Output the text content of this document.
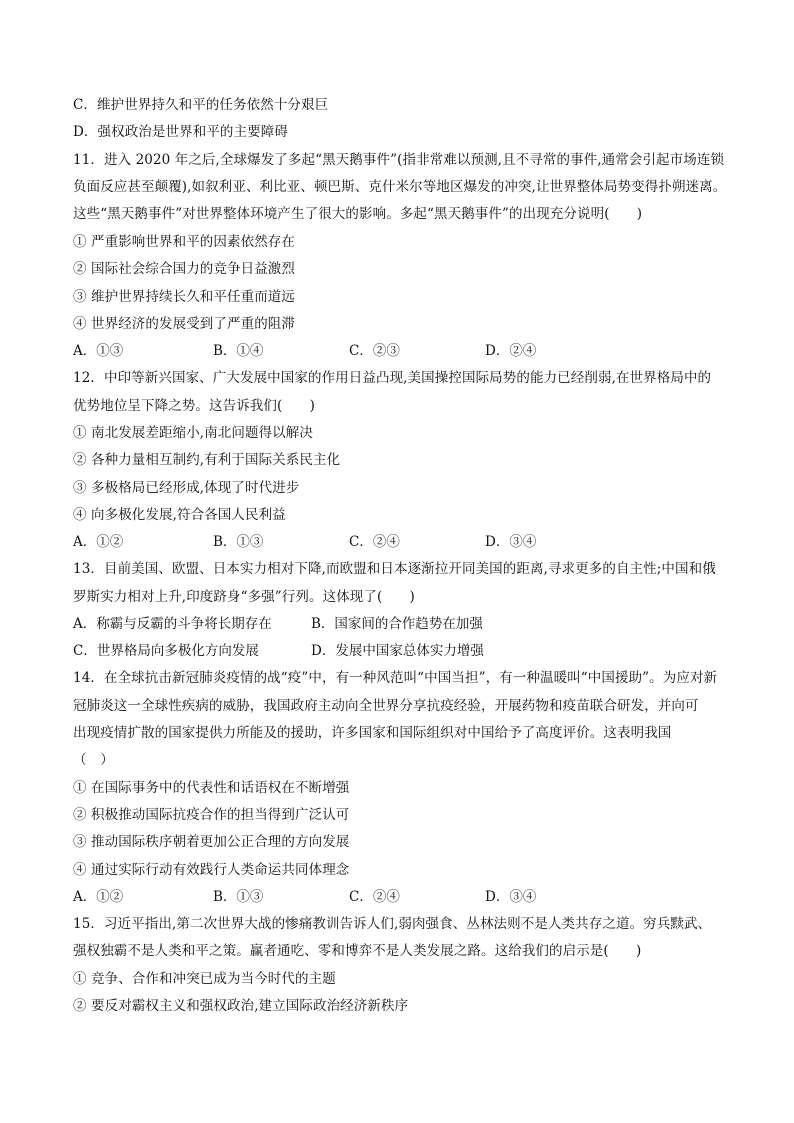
C．维护世界持久和平的任务依然十分艰巨
D．强权政治是世界和平的主要障碍
11．进入 2020 年之后,全球爆发了多起“黑天鹅事件”(指非常难以预测,且不寻常的事件,通常会引起市场连锁
负面反应甚至颠覆),如叙利亚、利比亚、顿巴斯、克什米尔等地区爆发的冲突,让世界整体局势变得扑朔迷离。
这些“黑天鹅事件”对世界整体环境产生了很大的影响。多起“黑天鹅事件”的出现充分说明(　　)
① 严重影响世界和平的因素依然存在
② 国际社会综合国力的竞争日益激烈
③ 维护世界持续长久和平任重而道远
④ 世界经济的发展受到了严重的阻滞
A．①③	B．①④	C．②③	D．②④
12．中印等新兴国家、广大发展中国家的作用日益凸现,美国操控国际局势的能力已经削弱,在世界格局中的
优势地位呈下降之势。这告诉我们(　　)
① 南北发展差距缩小,南北问题得以解决
② 各种力量相互制约,有利于国际关系民主化
③ 多极格局已经形成,体现了时代进步
④ 向多极化发展,符合各国人民利益
A．①②	B．①③	C．②④	D．③④
13．目前美国、欧盟、日本实力相对下降,而欧盟和日本逐渐拉开同美国的距离,寻求更多的自主性;中国和俄
罗斯实力相对上升,印度跻身“多强”行列。这体现了(　　)
A．称霸与反霸的斗争将长期存在	B．国家间的合作趋势在加强
C．世界格局向多极化方向发展	D．发展中国家总体实力增强
14．在全球抗击新冠肺炎疫情的战“疫”中，有一种风范叫“中国当担”，有一种温暖叫“中国援助”。为应对新
冠肺炎这一全球性疾病的威胁，我国政府主动向全世界分享抗疫经验，开展药物和疫苗联合研发，并向可
出现疫情扩散的国家提供力所能及的援助，许多国家和国际组织对中国给予了高度评价。这表明我国
（　）
① 在国际事务中的代表性和话语权在不断增强
② 积极推动国际抗疫合作的担当得到广泛认可
③ 推动国际秩序朝着更加公正合理的方向发展
④ 通过实际行动有效践行人类命运共同体理念
A．①②	B．①③	C．②④	D．③④
15．习近平指出,第二次世界大战的惨痛教训告诉人们,弱肉强食、丛林法则不是人类共存之道。穷兵黩武、
强权独霸不是人类和平之策。赢者通吃、零和博弈不是人类发展之路。这给我们的启示是(　　)
① 竞争、合作和冲突已成为当今时代的主题
② 要反对霸权主义和强权政治,建立国际政治经济新秩序
